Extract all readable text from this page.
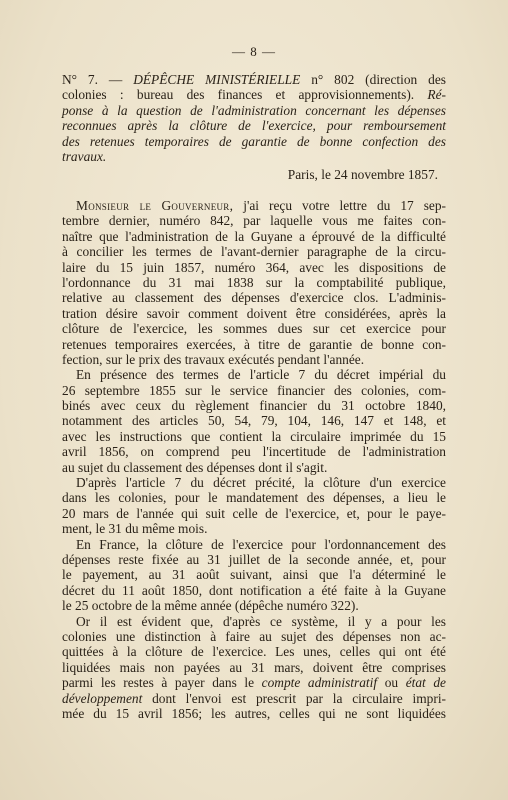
— 8 —
N° 7. — DÉPÊCHE MINISTÉRIELLE n° 802 (direction des
colonies : bureau des finances et approvisionnements). Ré-
ponse à la question de l'administration concernant les dépenses
reconnues après la clôture de l'exercice, pour remboursement
des retenues temporaires de garantie de bonne confection des
travaux.
Paris, le 24 novembre 1857.
Monsieur le Gouverneur, j'ai reçu votre lettre du 17 sep-
tembre dernier, numéro 842, par laquelle vous me faites con-
naître que l'administration de la Guyane a éprouvé de la difficulté
à concilier les termes de l'avant-dernier paragraphe de la circu-
laire du 15 juin 1857, numéro 364, avec les dispositions de
l'ordonnance du 31 mai 1838 sur la comptabilité publique,
relative au classement des dépenses d'exercice clos. L'adminis-
tration désire savoir comment doivent être considérées, après la
clôture de l'exercice, les sommes dues sur cet exercice pour
retenues temporaires exercées, à titre de garantie de bonne con-
fection, sur le prix des travaux exécutés pendant l'année.
En présence des termes de l'article 7 du décret impérial du
26 septembre 1855 sur le service financier des colonies, com-
binés avec ceux du règlement financier du 31 octobre 1840,
notamment des articles 50, 54, 79, 104, 146, 147 et 148, et
avec les instructions que contient la circulaire imprimée du 15
avril 1856, on comprend peu l'incertitude de l'administration
au sujet du classement des dépenses dont il s'agit.
D'après l'article 7 du décret précité, la clôture d'un exercice
dans les colonies, pour le mandatement des dépenses, a lieu le
20 mars de l'année qui suit celle de l'exercice, et, pour le paye-
ment, le 31 du même mois.
En France, la clôture de l'exercice pour l'ordonnancement des
dépenses reste fixée au 31 juillet de la seconde année, et, pour
le payement, au 31 août suivant, ainsi que l'a déterminé le
décret du 11 août 1850, dont notification a été faite à la Guyane
le 25 octobre de la même année (dépêche numéro 322).
Or il est évident que, d'après ce système, il y a pour les
colonies une distinction à faire au sujet des dépenses non ac-
quittées à la clôture de l'exercice. Les unes, celles qui ont été
liquidées mais non payées au 31 mars, doivent être comprises
parmi les restes à payer dans le compte administratif ou état de
développement dont l'envoi est prescrit par la circulaire impri-
mée du 15 avril 1856; les autres, celles qui ne sont liquidées
